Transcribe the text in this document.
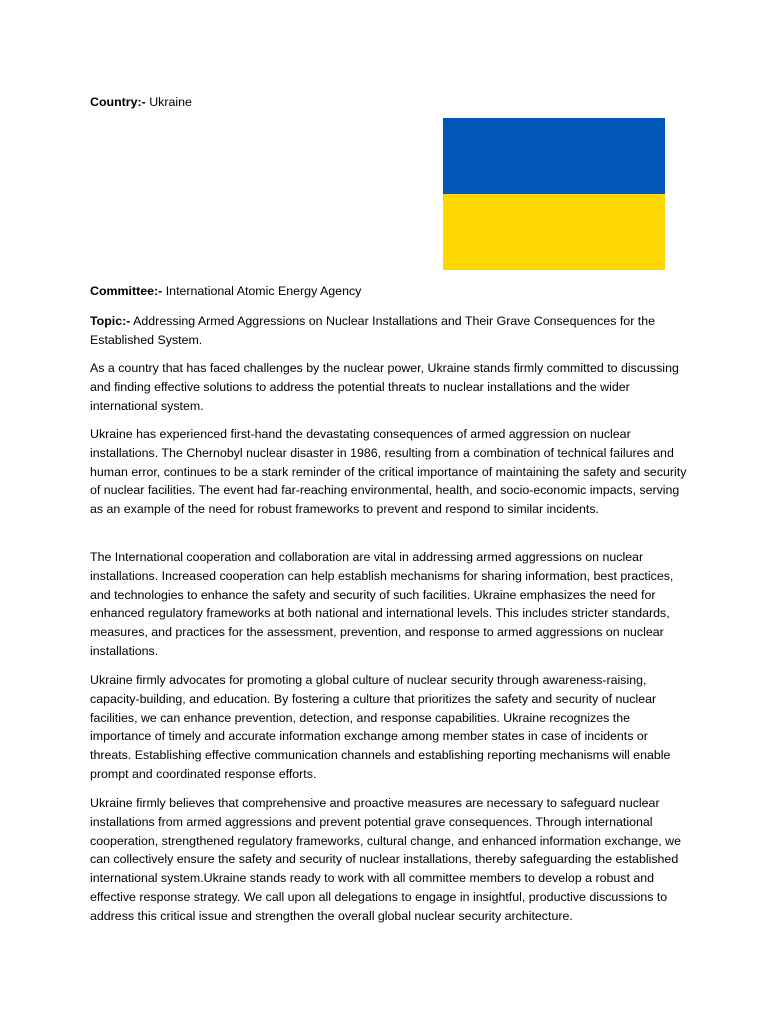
Country:- Ukraine
Committee:- International Atomic Energy Agency
Topic:- Addressing Armed Aggressions on Nuclear Installations and Their Grave Consequences for the Established System.
As a country that has faced challenges by the nuclear power, Ukraine stands firmly committed to discussing and finding effective solutions to address the potential threats to nuclear installations and the wider international system.
Ukraine has experienced first-hand the devastating consequences of armed aggression on nuclear installations. The Chernobyl nuclear disaster in 1986, resulting from a combination of technical failures and human error, continues to be a stark reminder of the critical importance of maintaining the safety and security of nuclear facilities. The event had far-reaching environmental, health, and socio-economic impacts, serving as an example of the need for robust frameworks to prevent and respond to similar incidents.
The International cooperation and collaboration are vital in addressing armed aggressions on nuclear installations. Increased cooperation can help establish mechanisms for sharing information, best practices, and technologies to enhance the safety and security of such facilities. Ukraine emphasizes the need for enhanced regulatory frameworks at both national and international levels. This includes stricter standards, measures, and practices for the assessment, prevention, and response to armed aggressions on nuclear installations.
Ukraine firmly advocates for promoting a global culture of nuclear security through awareness-raising, capacity-building, and education. By fostering a culture that prioritizes the safety and security of nuclear facilities, we can enhance prevention, detection, and response capabilities. Ukraine recognizes the importance of timely and accurate information exchange among member states in case of incidents or threats. Establishing effective communication channels and establishing reporting mechanisms will enable prompt and coordinated response efforts.
Ukraine firmly believes that comprehensive and proactive measures are necessary to safeguard nuclear installations from armed aggressions and prevent potential grave consequences. Through international cooperation, strengthened regulatory frameworks, cultural change, and enhanced information exchange, we can collectively ensure the safety and security of nuclear installations, thereby safeguarding the established international system.Ukraine stands ready to work with all committee members to develop a robust and effective response strategy. We call upon all delegations to engage in insightful, productive discussions to address this critical issue and strengthen the overall global nuclear security architecture.
